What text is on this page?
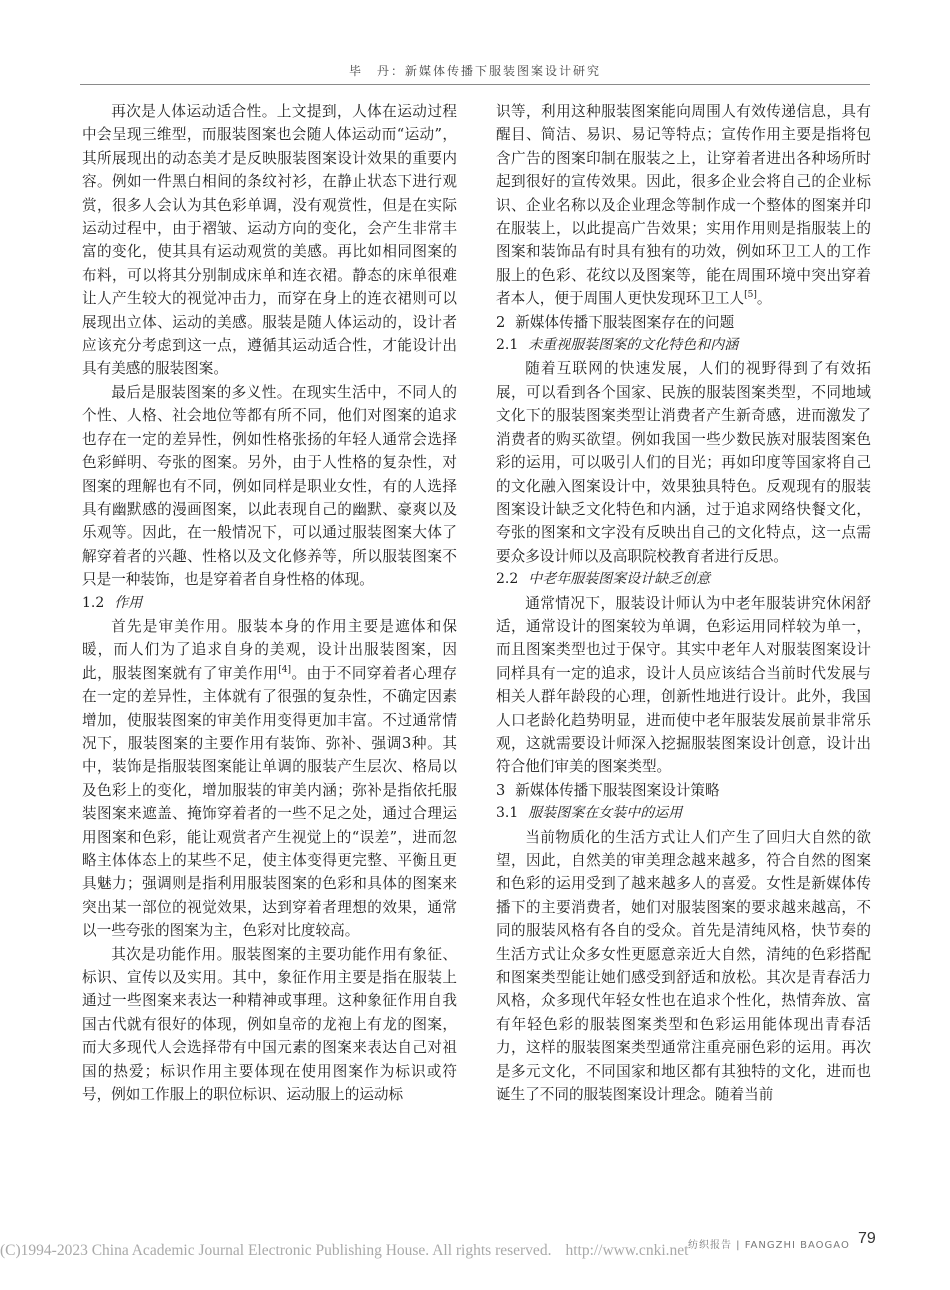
毕　丹：新媒体传播下服装图案设计研究

再次是人体运动适合性。上文提到，人体在运动过程中会呈现三维型，而服装图案也会随人体运动而“运动”，其所展现出的动态美才是反映服装图案设计效果的重要内容。例如一件黑白相间的条纹衬衫，在静止状态下进行观赏，很多人会认为其色彩单调，没有观赏性，但是在实际运动过程中，由于褶皱、运动方向的变化，会产生非常丰富的变化，使其具有运动观赏的美感。再比如相同图案的布料，可以将其分别制成床单和连衣裙。静态的床单很难让人产生较大的视觉冲击力，而穿在身上的连衣裙则可以展现出立体、运动的美感。服装是随人体运动的，设计者应该充分考虑到这一点，遵循其运动适合性，才能设计出具有美感的服装图案。

最后是服装图案的多义性。在现实生活中，不同人的个性、人格、社会地位等都有所不同，他们对图案的追求也存在一定的差异性，例如性格张扬的年轻人通常会选择色彩鲜明、夸张的图案。另外，由于人性格的复杂性，对图案的理解也有不同，例如同样是职业女性，有的人选择具有幽默感的漫画图案，以此表现自己的幽默、豪爽以及乐观等。因此，在一般情况下，可以通过服装图案大体了解穿着者的兴趣、性格以及文化修养等，所以服装图案不只是一种装饰，也是穿着者自身性格的体现。

1.2 作用

首先是审美作用。服装本身的作用主要是遮体和保暖，而人们为了追求自身的美观，设计出服装图案，因此，服装图案就有了审美作用[4]。由于不同穿着者心理存在一定的差异性，主体就有了很强的复杂性，不确定因素增加，使服装图案的审美作用变得更加丰富。不过通常情况下，服装图案的主要作用有装饰、弥补、强调3种。其中，装饰是指服装图案能让单调的服装产生层次、格局以及色彩上的变化，增加服装的审美内涵；弥补是指依托服装图案来遮盖、掩饰穿着者的一些不足之处，通过合理运用图案和色彩，能让观赏者产生视觉上的“误差”，进而忽略主体体态上的某些不足，使主体变得更完整、平衡且更具魅力；强调则是指利用服装图案的色彩和具体的图案来突出某一部位的视觉效果，达到穿着者理想的效果，通常以一些夸张的图案为主，色彩对比度较高。

其次是功能作用。服装图案的主要功能作用有象征、标识、宣传以及实用。其中，象征作用主要是指在服装上通过一些图案来表达一种精神或事理。这种象征作用自我国古代就有很好的体现，例如皇帝的龙袍上有龙的图案，而大多现代人会选择带有中国元素的图案来表达自己对祖国的热爱；标识作用主要体现在使用图案作为标识或符号，例如工作服上的职位标识、运动服上的运动标

识等，利用这种服装图案能向周围人有效传递信息，具有醒目、简洁、易识、易记等特点；宣传作用主要是指将包含广告的图案印制在服装之上，让穿着者进出各种场所时起到很好的宣传效果。因此，很多企业会将自己的企业标识、企业名称以及企业理念等制作成一个整体的图案并印在服装上，以此提高广告效果；实用作用则是指服装上的图案和装饰品有时具有独有的功效，例如环卫工人的工作服上的色彩、花纹以及图案等，能在周围环境中突出穿着者本人，便于周围人更快发现环卫工人[5]。

2 新媒体传播下服装图案存在的问题
2.1 未重视服装图案的文化特色和内涵

随着互联网的快速发展，人们的视野得到了有效拓展，可以看到各个国家、民族的服装图案类型，不同地域文化下的服装图案类型让消费者产生新奇感，进而激发了消费者的购买欲望。例如我国一些少数民族对服装图案色彩的运用，可以吸引人们的目光；再如印度等国家将自己的文化融入图案设计中，效果独具特色。反观现有的服装图案设计缺乏文化特色和内涵，过于追求网络快餐文化，夸张的图案和文字没有反映出自己的文化特点，这一点需要众多设计师以及高职院校教育者进行反思。

2.2 中老年服装图案设计缺乏创意

通常情况下，服装设计师认为中老年服装讲究休闲舒适，通常设计的图案较为单调，色彩运用同样较为单一，而且图案类型也过于保守。其实中老年人对服装图案设计同样具有一定的追求，设计人员应该结合当前时代发展与相关人群年龄段的心理，创新性地进行设计。此外，我国人口老龄化趋势明显，进而使中老年服装发展前景非常乐观，这就需要设计师深入挖掘服装图案设计创意，设计出符合他们审美的图案类型。

3 新媒体传播下服装图案设计策略
3.1 服装图案在女装中的运用

当前物质化的生活方式让人们产生了回归大自然的欲望，因此，自然美的审美理念越来越多，符合自然的图案和色彩的运用受到了越来越多人的喜爱。女性是新媒体传播下的主要消费者，她们对服装图案的要求越来越高，不同的服装风格有各自的受众。首先是清纯风格，快节奏的生活方式让众多女性更愿意亲近大自然，清纯的色彩搭配和图案类型能让她们感受到舒适和放松。其次是青春活力风格，众多现代年轻女性也在追求个性化，热情奔放、富有年轻色彩的服装图案类型和色彩运用能体现出青春活力，这样的服装图案类型通常注重亮丽色彩的运用。再次是多元文化，不同国家和地区都有其独特的文化，进而也诞生了不同的服装图案设计理念。随着当前

(C)1994-2023 China Academic Journal Electronic Publishing House. All rights reserved. http://www.cnki.net 纺织报告 | FANGZHI BAOGAO 79
